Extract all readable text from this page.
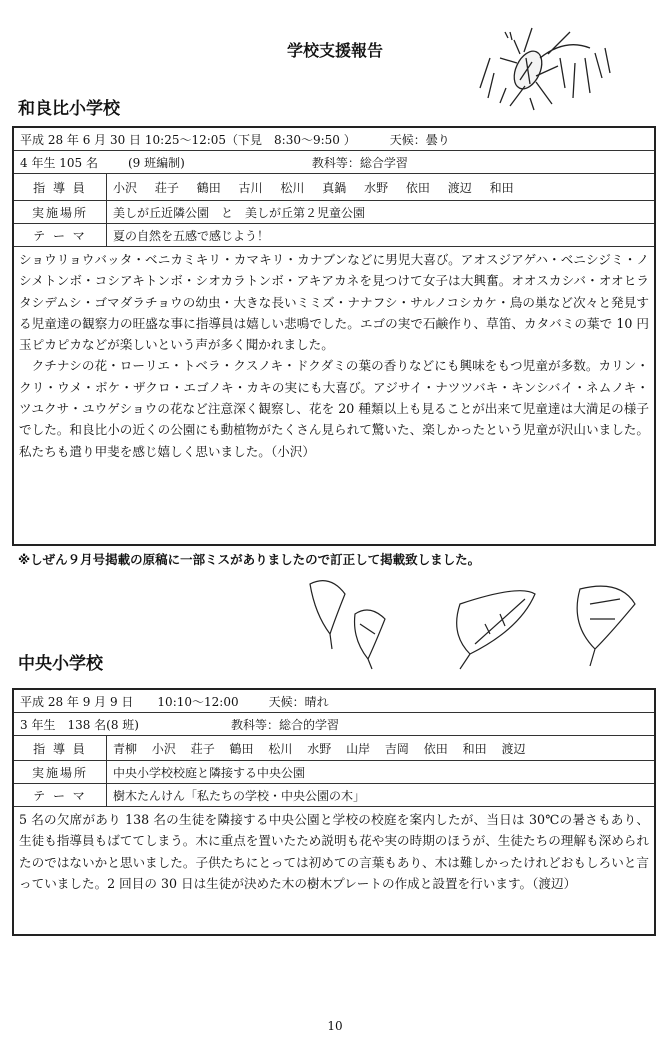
学校支援報告
和良比小学校
平成 28 年 6 月 30 日 10:25～12:05（下見　8:30～9:50 ）	天候：曇り
4 年生 105 名	(9 班編制)	教科等：総合学習
指 導 員	小沢 荘子 鶴田 古川 松川 真鍋 水野 依田 渡辺 和田
実施場所	美しが丘近隣公園　と　美しが丘第２児童公園
テ ー マ	夏の自然を五感で感じよう！

ショウリョウバッタ・ベニカミキリ・カマキリ・カナブンなどに男児大喜び。アオスジアゲハ・ベニシジミ・ノシメトンボ・コシアキトンボ・シオカラトンボ・アキアカネを見つけて女子は大興奮。オオスカシバ・オオヒラタシデムシ・ゴマダラチョウの幼虫・大きな長いミミズ・ナナフシ・サルノコシカケ・鳥の巣など次々と発見する児童達の観察力の旺盛な事に指導員は嬉しい悲鳴でした。エゴの実で石鹸作り、草笛、カタバミの葉で 10 円玉ピカピカなどが楽しいという声が多く聞かれました。

クチナシの花・ローリエ・トベラ・クスノキ・ドクダミの葉の香りなどにも興味をもつ児童が多数。カリン・クリ・ウメ・ボケ・ザクロ・エゴノキ・カキの実にも大喜び。アジサイ・ナツツバキ・キンシバイ・ネムノキ・ツユクサ・ユウゲショウの花など注意深く観察し、花を 20 種類以上も見ることが出来て児童達は大満足の様子でした。和良比小の近くの公園にも動植物がたくさん見られて驚いた、楽しかったという児童が沢山いました。私たちも遣り甲斐を感じ嬉しく思いました。（小沢）

※しぜん９月号掲載の原稿に一部ミスがありましたので訂正して掲載致しました。
中央小学校
平成 28 年 9 月 9 日　　10:10～12:00	天候：晴れ
3 年生　138 名(8 班)	教科等：総合的学習
指 導 員	青柳 小沢 荘子 鶴田 松川 水野 山岸 吉岡 依田 和田 渡辺
実施場所	中央小学校校庭と隣接する中央公園
テ ー マ	樹木たんけん「私たちの学校・中央公園の木」

5 名の欠席があり 138 名の生徒を隣接する中央公園と学校の校庭を案内したが、当日は 30℃の暑さもあり、生徒も指導員もばててしまう。木に重点を置いたため説明も花や実の時期のほうが、生徒たちの理解も深められたのではないかと思いました。子供たちにとっては初めての言葉もあり、木は難しかったけれどおもしろいと言っていました。2 回目の 30 日は生徒が決めた木の樹木プレートの作成と設置を行います。（渡辺）

10
